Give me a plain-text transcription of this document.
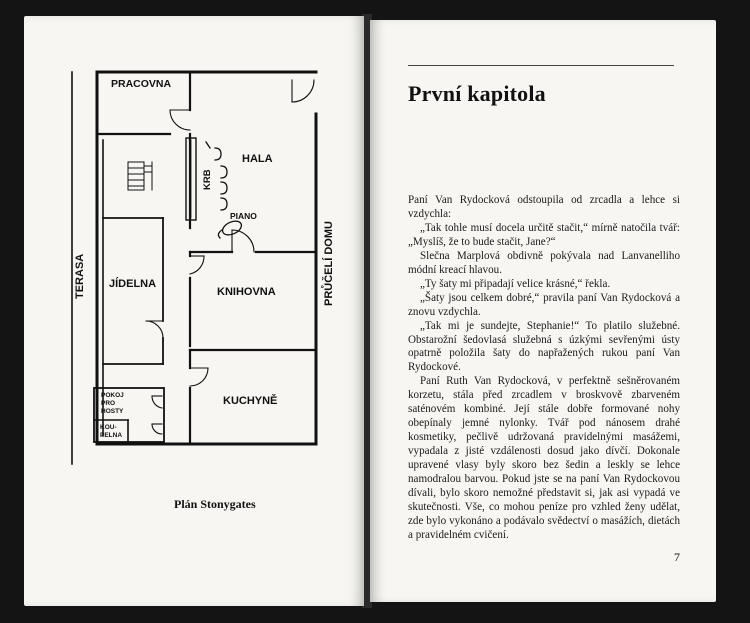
PRACOVNA
HALA
KRB
PIANO
JÍDELNA
KNIHOVNA
KUCHYNĚ
POKOJ
PRO
HOSTY
KOU-
PELNA
TERASA	PRŮČELÍ DOMU
Plán Stonygates
První kapitola

Paní Van Rydocková odstoupila od zrcadla a lehce si vzdychla:

„Tak tohle musí docela určitě stačit,“ mírně natočila tvář: „Myslíš, že to bude stačit, Jane?“

Slečna Marplová obdivně pokývala nad Lanvanelliho módní kreací hlavou.

„Ty šaty mi připadají velice krásné,“ řekla.

„Šaty jsou celkem dobré,“ pravila paní Van Rydocková a znovu vzdychla.

„Tak mi je sundejte, Stephanie!“ To platilo služebné. Obstarožní šedovlasá služebná s úzkými sevřenými ústy opatrně položila šaty do napřažených rukou paní Van Rydockové.

Paní Ruth Van Rydocková, v perfektně sešněrovaném korzetu, stála před zrcadlem v broskvově zbarveném saténovém kombiné. Její stále dobře formované nohy obepínaly jemné nylonky. Tvář pod nánosem drahé kosmetiky, pečlivě udržovaná pravidelnými masážemi, vypadala z jisté vzdálenosti dosud jako dívčí. Dokonale upravené vlasy byly skoro bez šedin a leskly se lehce namodralou barvou. Pokud jste se na paní Van Rydockovou dívali, bylo skoro nemožné představit si, jak asi vypadá ve skutečnosti. Vše, co mohou peníze pro vzhled ženy udělat, zde bylo vykonáno a podávalo svědectví o masážích, dietách a pravidelném cvičení.

7
